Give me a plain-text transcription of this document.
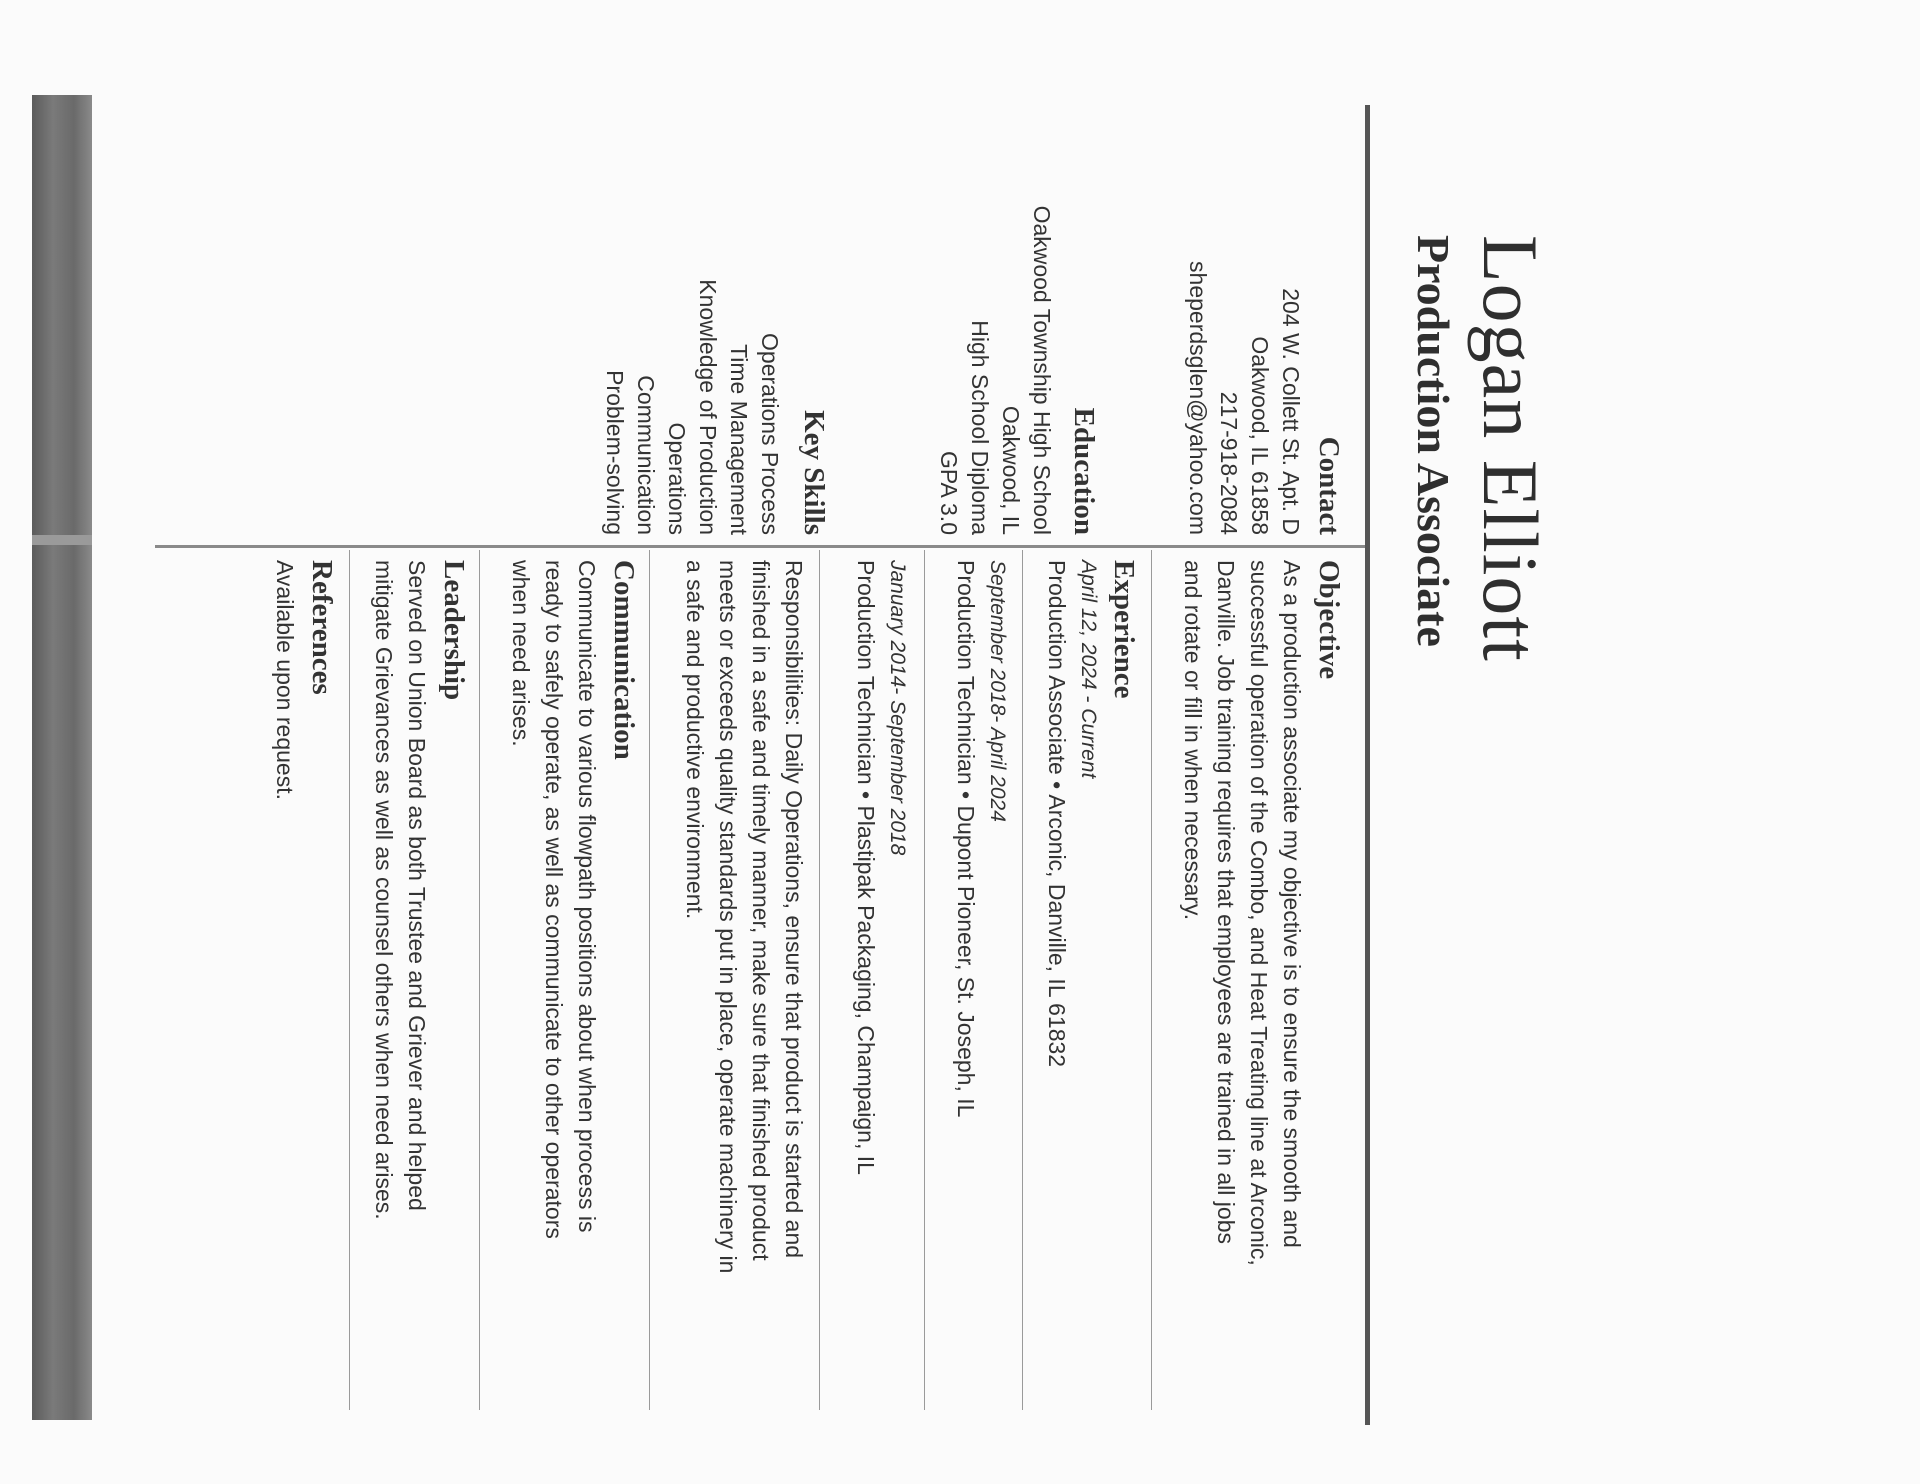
Logan Elliott
Production Associate
Contact
204 W. Collett St. Apt. D
Oakwood, IL 61858
217-918-2084
sheperdsglen@yahoo.com
Education
Oakwood Township High School
Oakwood, IL
High School Diploma
GPA 3.0
Key Skills
Operations Process
Time Management
Knowledge of Production
Operations
Communication
Problem-solving
Objective
As a production associate my objective is to ensure the smooth and
successful operation of the Combo, and Heat Treating line at Arconic,
Danville. Job training requires that employees are trained in all jobs
and rotate or fill in when necessary.
Experience
April 12, 2024 - Current
Production Associate • Arconic, Danville, IL 61832
September 2018- April 2024
Production Technician • Dupont Pioneer, St. Joseph, IL
January 2014- September 2018
Production Technician • Plastipak Packaging, Champaign, IL
Responsibilities: Daily Operations, ensure that product is started and
finished in a safe and timely manner, make sure that finished product
meets or exceeds quality standards put in place, operate machinery in
a safe and productive environment.
Communication
Communicate to various flowpath positions about when process is
ready to safely operate, as well as communicate to other operators
when need arises.
Leadership
Served on Union Board as both Trustee and Griever and helped
mitigate Grievances as well as counsel others when need arises.
References
Available upon request.
